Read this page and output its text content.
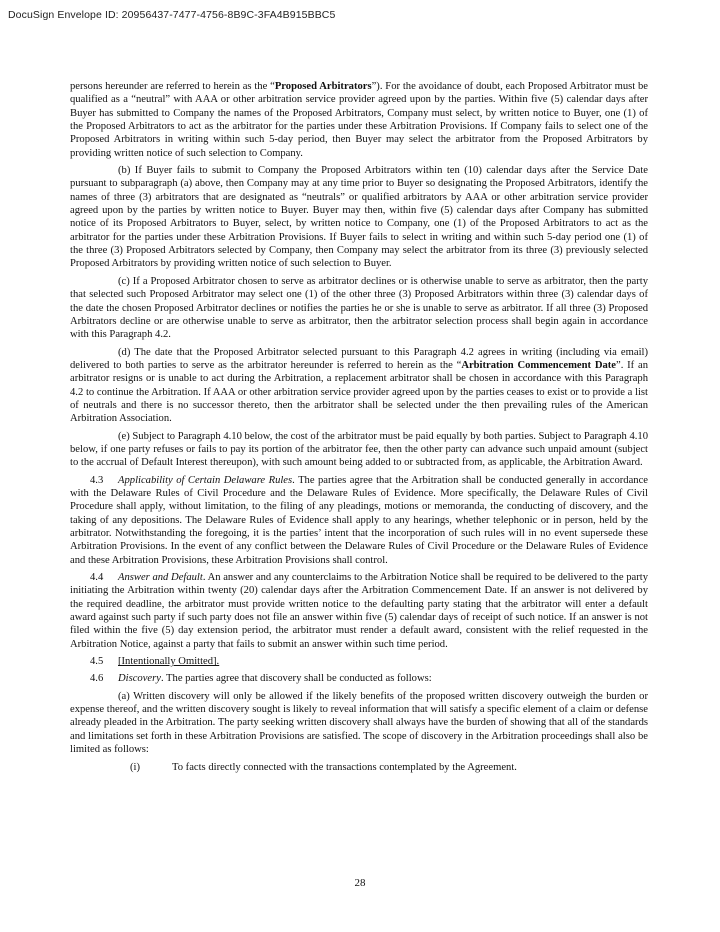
DocuSign Envelope ID: 20956437-7477-4756-8B9C-3FA4B915BBC5

persons hereunder are referred to herein as the “Proposed Arbitrators”). For the avoidance of doubt, each Proposed Arbitrator must be qualified as a “neutral” with AAA or other arbitration service provider agreed upon by the parties. Within five (5) calendar days after Buyer has submitted to Company the names of the Proposed Arbitrators, Company must select, by written notice to Buyer, one (1) of the Proposed Arbitrators to act as the arbitrator for the parties under these Arbitration Provisions. If Company fails to select one of the Proposed Arbitrators in writing within such 5-day period, then Buyer may select the arbitrator from the Proposed Arbitrators by providing written notice of such selection to Company.

(b) If Buyer fails to submit to Company the Proposed Arbitrators within ten (10) calendar days after the Service Date pursuant to subparagraph (a) above, then Company may at any time prior to Buyer so designating the Proposed Arbitrators, identify the names of three (3) arbitrators that are designated as “neutrals” or qualified arbitrators by AAA or other arbitration service provider agreed upon by the parties by written notice to Buyer. Buyer may then, within five (5) calendar days after Company has submitted notice of its Proposed Arbitrators to Buyer, select, by written notice to Company, one (1) of the Proposed Arbitrators to act as the arbitrator for the parties under these Arbitration Provisions. If Buyer fails to select in writing and within such 5-day period one (1) of the three (3) Proposed Arbitrators selected by Company, then Company may select the arbitrator from its three (3) previously selected Proposed Arbitrators by providing written notice of such selection to Buyer.

(c) If a Proposed Arbitrator chosen to serve as arbitrator declines or is otherwise unable to serve as arbitrator, then the party that selected such Proposed Arbitrator may select one (1) of the other three (3) Proposed Arbitrators within three (3) calendar days of the date the chosen Proposed Arbitrator declines or notifies the parties he or she is unable to serve as arbitrator. If all three (3) Proposed Arbitrators decline or are otherwise unable to serve as arbitrator, then the arbitrator selection process shall begin again in accordance with this Paragraph 4.2.

(d) The date that the Proposed Arbitrator selected pursuant to this Paragraph 4.2 agrees in writing (including via email) delivered to both parties to serve as the arbitrator hereunder is referred to herein as the “Arbitration Commencement Date”. If an arbitrator resigns or is unable to act during the Arbitration, a replacement arbitrator shall be chosen in accordance with this Paragraph 4.2 to continue the Arbitration. If AAA or other arbitration service provider agreed upon by the parties ceases to exist or to provide a list of neutrals and there is no successor thereto, then the arbitrator shall be selected under the then prevailing rules of the American Arbitration Association.

(e) Subject to Paragraph 4.10 below, the cost of the arbitrator must be paid equally by both parties. Subject to Paragraph 4.10 below, if one party refuses or fails to pay its portion of the arbitrator fee, then the other party can advance such unpaid amount (subject to the accrual of Default Interest thereupon), with such amount being added to or subtracted from, as applicable, the Arbitration Award.

4.3 Applicability of Certain Delaware Rules. The parties agree that the Arbitration shall be conducted generally in accordance with the Delaware Rules of Civil Procedure and the Delaware Rules of Evidence. More specifically, the Delaware Rules of Civil Procedure shall apply, without limitation, to the filing of any pleadings, motions or memoranda, the conducting of discovery, and the taking of any depositions. The Delaware Rules of Evidence shall apply to any hearings, whether telephonic or in person, held by the arbitrator. Notwithstanding the foregoing, it is the parties’ intent that the incorporation of such rules will in no event supersede these Arbitration Provisions. In the event of any conflict between the Delaware Rules of Civil Procedure or the Delaware Rules of Evidence and these Arbitration Provisions, these Arbitration Provisions shall control.

4.4 Answer and Default. An answer and any counterclaims to the Arbitration Notice shall be required to be delivered to the party initiating the Arbitration within twenty (20) calendar days after the Arbitration Commencement Date. If an answer is not delivered by the required deadline, the arbitrator must provide written notice to the defaulting party stating that the arbitrator will enter a default award against such party if such party does not file an answer within five (5) calendar days of receipt of such notice. If an answer is not filed within the five (5) day extension period, the arbitrator must render a default award, consistent with the relief requested in the Arbitration Notice, against a party that fails to submit an answer within such time period.

4.5 [Intentionally Omitted].

4.6 Discovery. The parties agree that discovery shall be conducted as follows:

(a) Written discovery will only be allowed if the likely benefits of the proposed written discovery outweigh the burden or expense thereof, and the written discovery sought is likely to reveal information that will satisfy a specific element of a claim or defense already pleaded in the Arbitration. The party seeking written discovery shall always have the burden of showing that all of the standards and limitations set forth in these Arbitration Provisions are satisfied. The scope of discovery in the Arbitration proceedings shall also be limited as follows:

(i)	To facts directly connected with the transactions contemplated by the Agreement.
28
